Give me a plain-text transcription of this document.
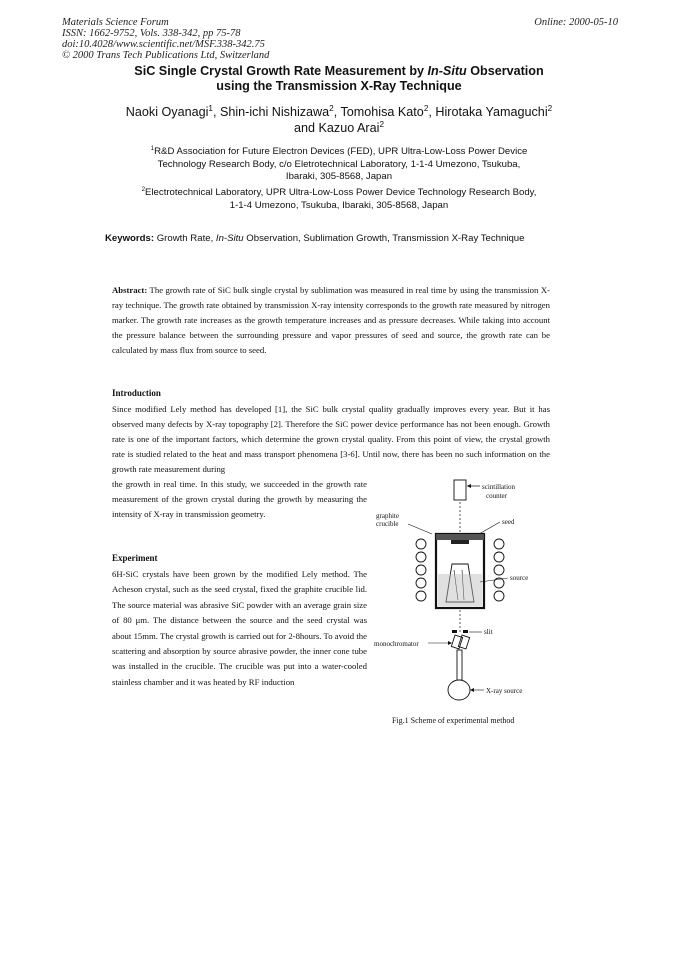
Materials Science Forum
ISSN: 1662-9752, Vols. 338-342, pp 75-78
doi:10.4028/www.scientific.net/MSF.338-342.75
© 2000 Trans Tech Publications Ltd, Switzerland
Online: 2000-05-10
SiC Single Crystal Growth Rate Measurement by In-Situ Observation
using the Transmission X-Ray Technique
Naoki Oyanagi$^1$, Shin-ichi Nishizawa$^2$, Tomohisa Kato$^2$, Hirotaka Yamaguchi$^2$
and Kazuo Arai$^2$
$^1$R&D Association for Future Electron Devices (FED), UPR Ultra-Low-Loss Power Device
Technology Research Body, c/o Eletrotechnical Laboratory, 1-1-4 Umezono, Tsukuba,
Ibaraki, 305-8568, Japan
$^2$Electrotechnical Laboratory, UPR Ultra-Low-Loss Power Device Technology Research Body,
1-1-4 Umezono, Tsukuba, Ibaraki, 305-8568, Japan
Keywords: Growth Rate, In-Situ Observation, Sublimation Growth, Transmission X-Ray Technique
Abstract: The growth rate of SiC bulk single crystal by sublimation was measured in real time by using the transmission X-ray technique. The growth rate obtained by transmission X-ray intensity corresponds to the growth rate measured by nitrogen marker. The growth rate increases as the growth temperature increases and as pressure decreases. While taking into account the pressure balance between the surrounding pressure and vapor pressures of seed and source, the growth rate can be calculated by mass flux from source to seed.
Introduction
Since modified Lely method has developed [1], the SiC bulk crystal quality gradually improves every year. But it has observed many defects by X-ray topography [2]. Therefore the SiC power device performance has not been enough. Growth rate is one of the important factors, which determine the grown crystal quality. From this point of view, the crystal growth rate is studied related to the heat and mass transport phenomena [3-6]. Until now, there has been no such information on the growth rate measurement during
the growth in real time. In this study, we succeeded in the growth rate measurement of the grown crystal during the growth by measuring the intensity of X-ray in transmission geometry.
Experiment
6H-SiC crystals have been grown by the modified Lely method. The Acheson crystal, such as the seed crystal, fixed the graphite crucible lid. The source material was abrasive SiC powder with an average grain size of 80 μm. The distance between the source and the seed crystal was about 15mm. The crystal growth is carried out for 2-8hours. To avoid the scattering and absorption by source abrasive powder, the inner cone tube was installed in the crucible. The crucible was put into a water-cooled stainless chamber and it was heated by RF induction
scintillation
counter
graphite
crucible	seed
source
slit
monochromator
X-ray source
Fig.1 Scheme of experimental method
